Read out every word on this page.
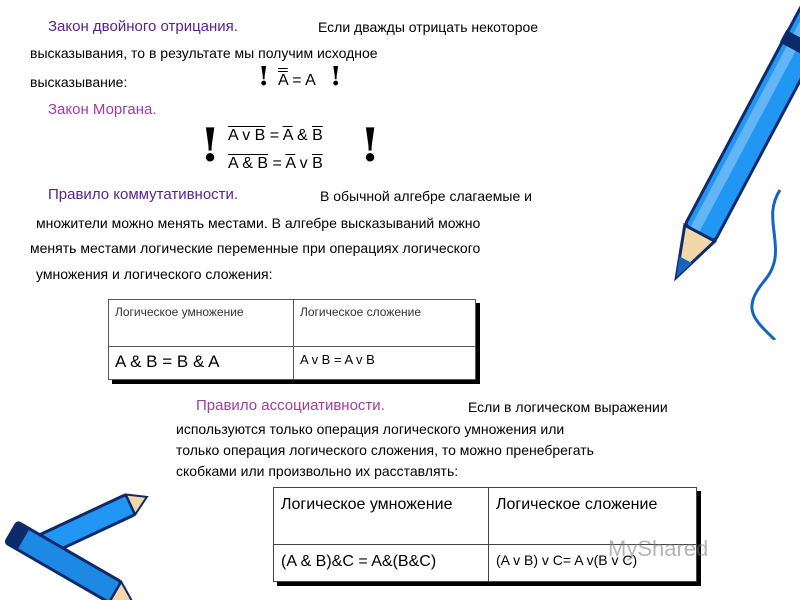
Закон двойного отрицания.	Если дважды отрицать некоторое
высказывания, то в результате мы получим исходное
высказывание:	! A = A !
Закон Моргана.
! A v $B = \overline{A}$ & $\overline{B}$
A & $B = \overline{A}$ v $\overline{B}$ !
Правило коммутативности.	В обычной алгебре слагаемые и
множители можно менять местами. В алгебре высказываний можно
менять местами логические переменные при операциях логического
умножения и логического сложения:
Логическое умножение	Логическое сложение
A & B = B & A	A v B = A v B
Правило ассоциативности.	Если в логическом выражении
используются только операция логического умножения или
только операция логического сложения, то можно пренебрегать
скобками или произвольно их расставлять:
Логическое умножение	Логическое сложение
(A & B)&C = A&(B&C)	(A v B) v C= A v(B v C)
MyShared
